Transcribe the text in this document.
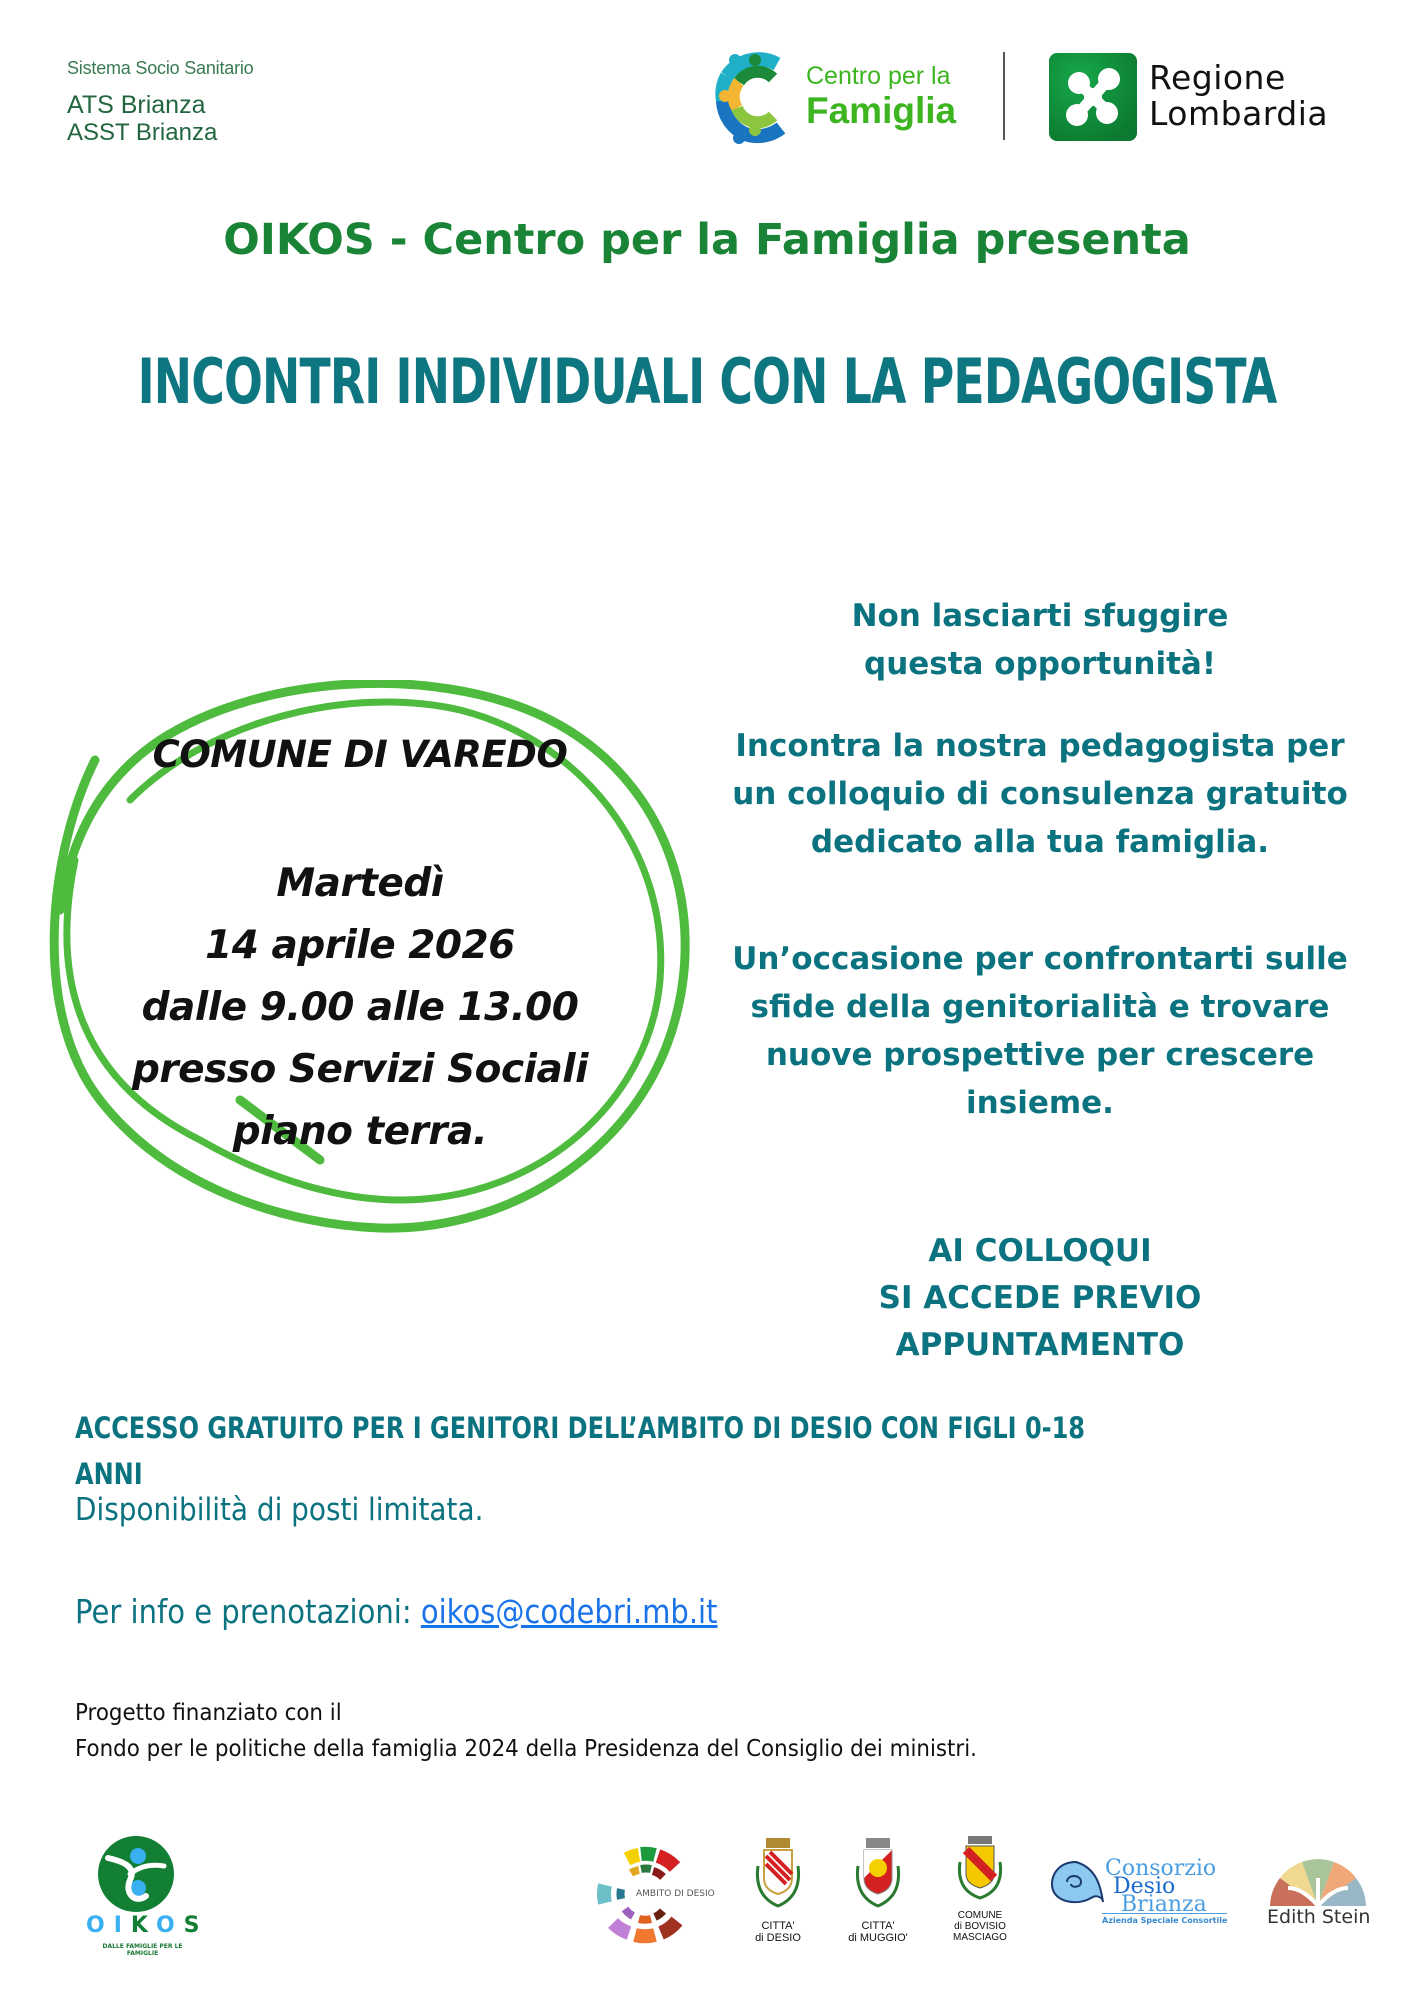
Sistema Socio Sanitario
ATS Brianza
ASST Brianza
Centro per la
Famiglia
Regione
Lombardia
OIKOS - Centro per la Famiglia presenta
INCONTRI INDIVIDUALI CON LA PEDAGOGISTA
COMUNE DI VAREDO
Martedì
14 aprile 2026
dalle 9.00 alle 13.00
presso Servizi Sociali
piano terra.
Non lasciarti sfuggire
questa opportunità!
Incontra la nostra pedagogista per
un colloquio di consulenza gratuito
dedicato alla tua famiglia.
Un’occasione per confrontarti sulle
sfide della genitorialità e trovare
nuove prospettive per crescere
insieme.
AI COLLOQUI
SI ACCEDE PREVIO
APPUNTAMENTO
ACCESSO GRATUITO PER I GENITORI DELL’AMBITO DI DESIO CON FIGLI 0-18
ANNI
Disponibilità di posti limitata.
Per info e prenotazioni: oikos@codebri.mb.it
Progetto finanziato con il
Fondo per le politiche della famiglia 2024 della Presidenza del Consiglio dei ministri.
OIKOS
DALLE FAMIGLIE PER LE FAMIGLIE
AMBITO DI DESIO
CITTA'
di DESIO
CITTA'
di MUGGIO'
COMUNE
di BOVISIO
MASCIAGO
Consorzio
Desio
Brianza
Azienda Speciale Consortile Edith Stein
